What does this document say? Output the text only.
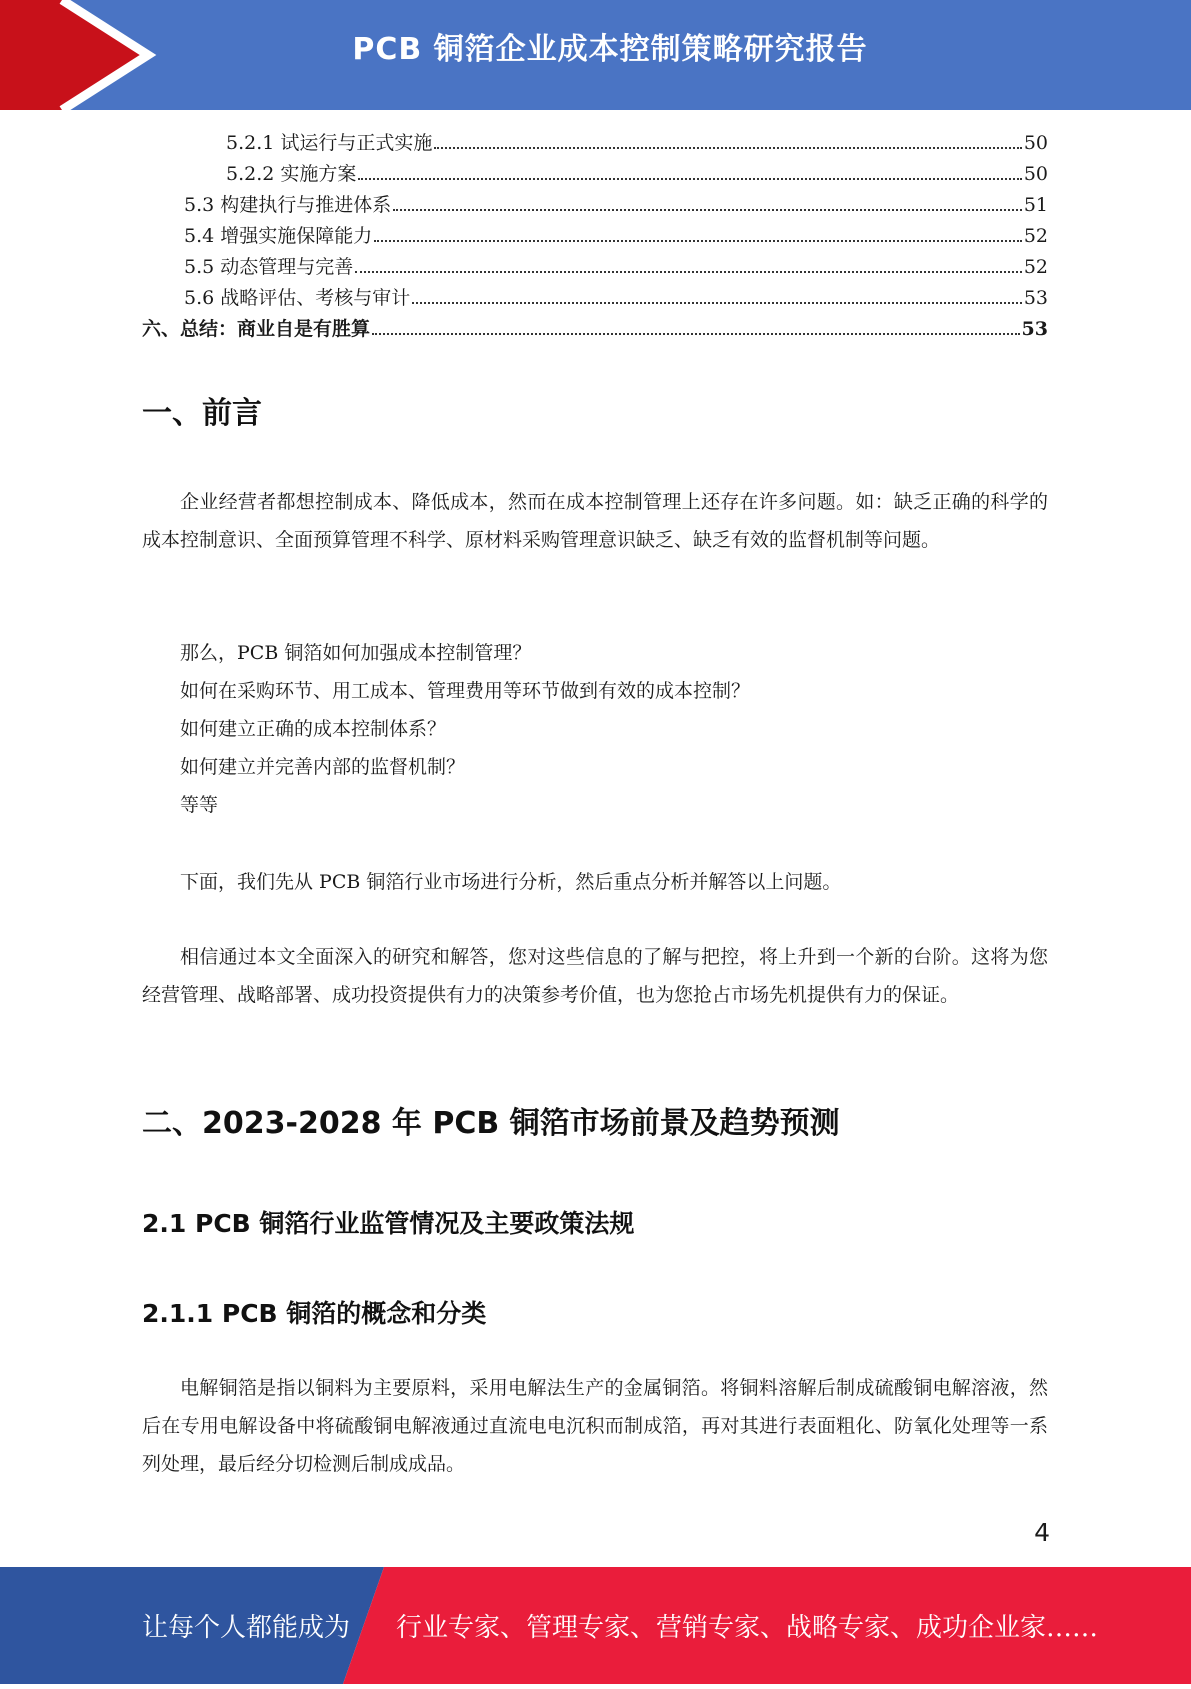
PCB 铜箔企业成本控制策略研究报告
5.2.1 试运行与正式实施	50
5.2.2 实施方案	50
5.3 构建执行与推进体系	51
5.4 增强实施保障能力	52
5.5 动态管理与完善	52
5.6 战略评估、考核与审计	53
六、总结：商业自是有胜算	53
一、前言

企业经营者都想控制成本、降低成本，然而在成本控制管理上还存在许多问题。如：缺乏正确的科学的成本控制意识、全面预算管理不科学、原材料采购管理意识缺乏、缺乏有效的监督机制等问题。

那么，PCB 铜箔如何加强成本控制管理？
如何在采购环节、用工成本、管理费用等环节做到有效的成本控制？
如何建立正确的成本控制体系？
如何建立并完善内部的监督机制？
等等

下面，我们先从 PCB 铜箔行业市场进行分析，然后重点分析并解答以上问题。

相信通过本文全面深入的研究和解答，您对这些信息的了解与把控，将上升到一个新的台阶。这将为您经营管理、战略部署、成功投资提供有力的决策参考价值，也为您抢占市场先机提供有力的保证。

二、2023-2028 年 PCB 铜箔市场前景及趋势预测
2.1 PCB 铜箔行业监管情况及主要政策法规
2.1.1 PCB 铜箔的概念和分类

电解铜箔是指以铜料为主要原料，采用电解法生产的金属铜箔。将铜料溶解后制成硫酸铜电解溶液，然后在专用电解设备中将硫酸铜电解液通过直流电电沉积而制成箔，再对其进行表面粗化、防氧化处理等一系列处理，最后经分切检测后制成成品。

4
让每个人都能成为 行业专家、管理专家、营销专家、战略专家、成功企业家……
